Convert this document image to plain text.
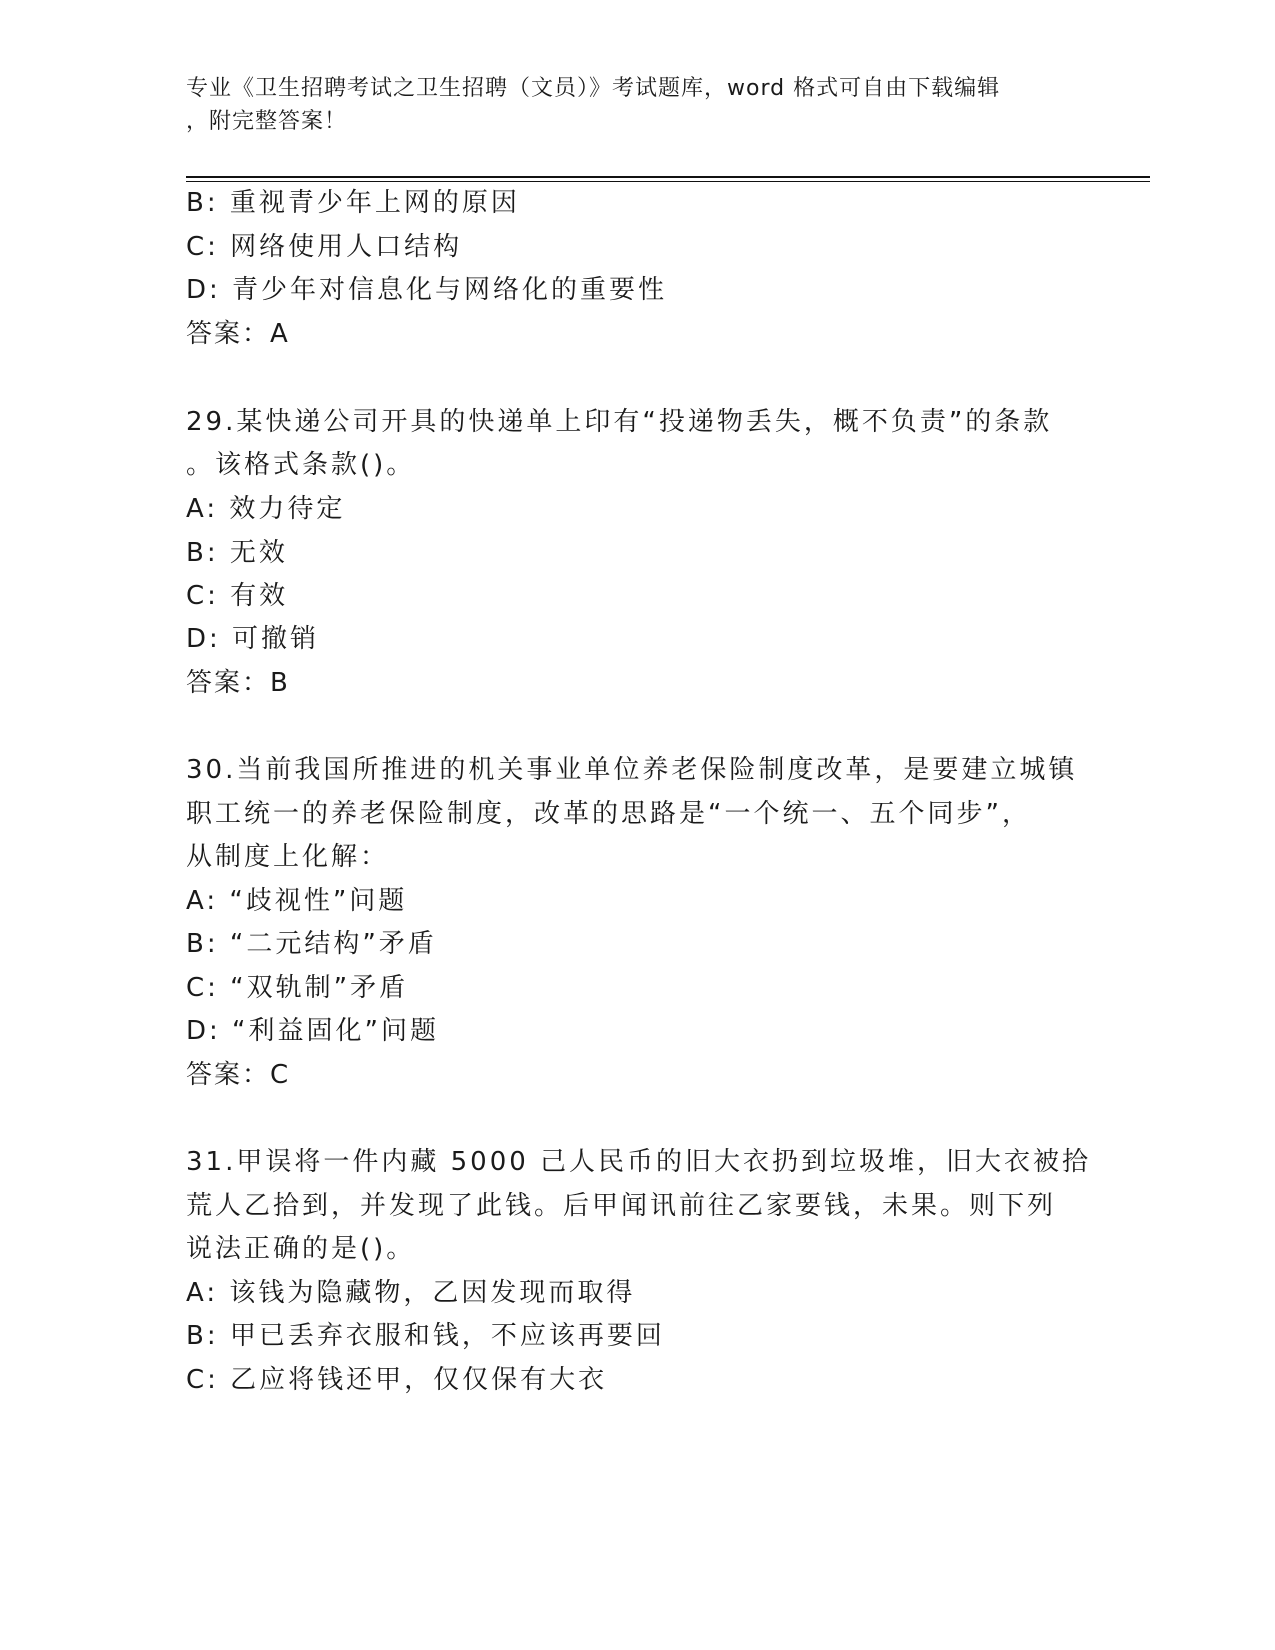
专业《卫生招聘考试之卫生招聘（文员）》考试题库，word 格式可自由下载编辑
，附完整答案！
B: 重视青少年上网的原因
C: 网络使用人口结构
D: 青少年对信息化与网络化的重要性
答案：A
29.某快递公司开具的快递单上印有“投递物丢失，概不负责”的条款
。该格式条款()。
A: 效力待定
B: 无效
C: 有效
D: 可撤销
答案：B
30.当前我国所推进的机关事业单位养老保险制度改革，是要建立城镇
职工统一的养老保险制度，改革的思路是“一个统一、五个同步”，
从制度上化解：
A: “歧视性”问题
B: “二元结构”矛盾
C: “双轨制”矛盾
D: “利益固化”问题
答案：C
31.甲误将一件内藏 5000 己人民币的旧大衣扔到垃圾堆，旧大衣被拾
荒人乙拾到，并发现了此钱。后甲闻讯前往乙家要钱，未果。则下列
说法正确的是()。
A: 该钱为隐藏物，乙因发现而取得
B: 甲已丢弃衣服和钱，不应该再要回
C: 乙应将钱还甲，仅仅保有大衣
